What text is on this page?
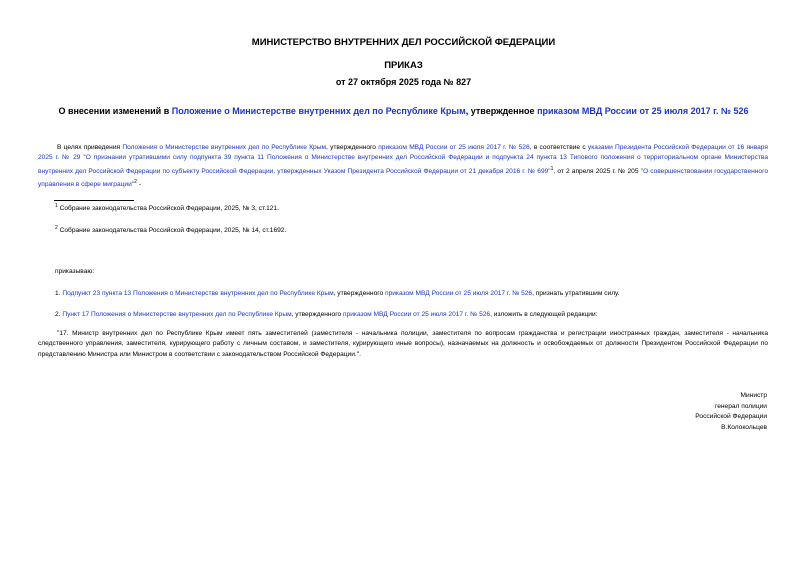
МИНИСТЕРСТВО ВНУТРЕННИХ ДЕЛ РОССИЙСКОЙ ФЕДЕРАЦИИ
ПРИКАЗ
от 27 октября 2025 года № 827
О внесении изменений в Положение о Министерстве внутренних дел по Республике Крым, утвержденное приказом МВД России от 25 июля 2017 г. № 526
В целях приведения Положения о Министерстве внутренних дел по Республике Крым, утвержденного приказом МВД России от 25 июля 2017 г. № 526, в соответствие с указами Президента Российской Федерации от 16 января 2025 г. № 29 "О признании утратившими силу подпункта 39 пункта 11 Положения о Министерстве внутренних дел Российской Федерации и подпункта 24 пункта 13 Типового положения о территориальном органе Министерства внутренних дел Российской Федерации по субъекту Российской Федерации, утвержденных Указом Президента Российской Федерации от 21 декабря 2016 г. № 699"$^1$, от 2 апреля 2025 г. № 205 "О совершенствовании государственного управления в сфере миграции"$^2$ -
$^1$ Собрание законодательства Российской Федерации, 2025, № 3, ст.121.
$^2$ Собрание законодательства Российской Федерации, 2025, № 14, ст.1692.
приказываю:
1. Подпункт 23 пункта 13 Положения о Министерстве внутренних дел по Республике Крым, утвержденного приказом МВД России от 25 июля 2017 г. № 526, признать утратившим силу.
2. Пункт 17 Положения о Министерстве внутренних дел по Республике Крым, утвержденного приказом МВД России от 25 июля 2017 г. № 526, изложить в следующей редакции:
"17. Министр внутренних дел по Республике Крым имеет пять заместителей (заместителя - начальника полиции, заместителя по вопросам гражданства и регистрации иностранных граждан, заместителя - начальника следственного управления, заместителя, курирующего работу с личным составом, и заместителя, курирующего иные вопросы), назначаемых на должность и освобождаемых от должности Президентом Российской Федерации по представлению Министра или Министром в соответствии с законодательством Российской Федерации.".
Министр
генерал полиции
Российской Федерации
В.Колокольцев
